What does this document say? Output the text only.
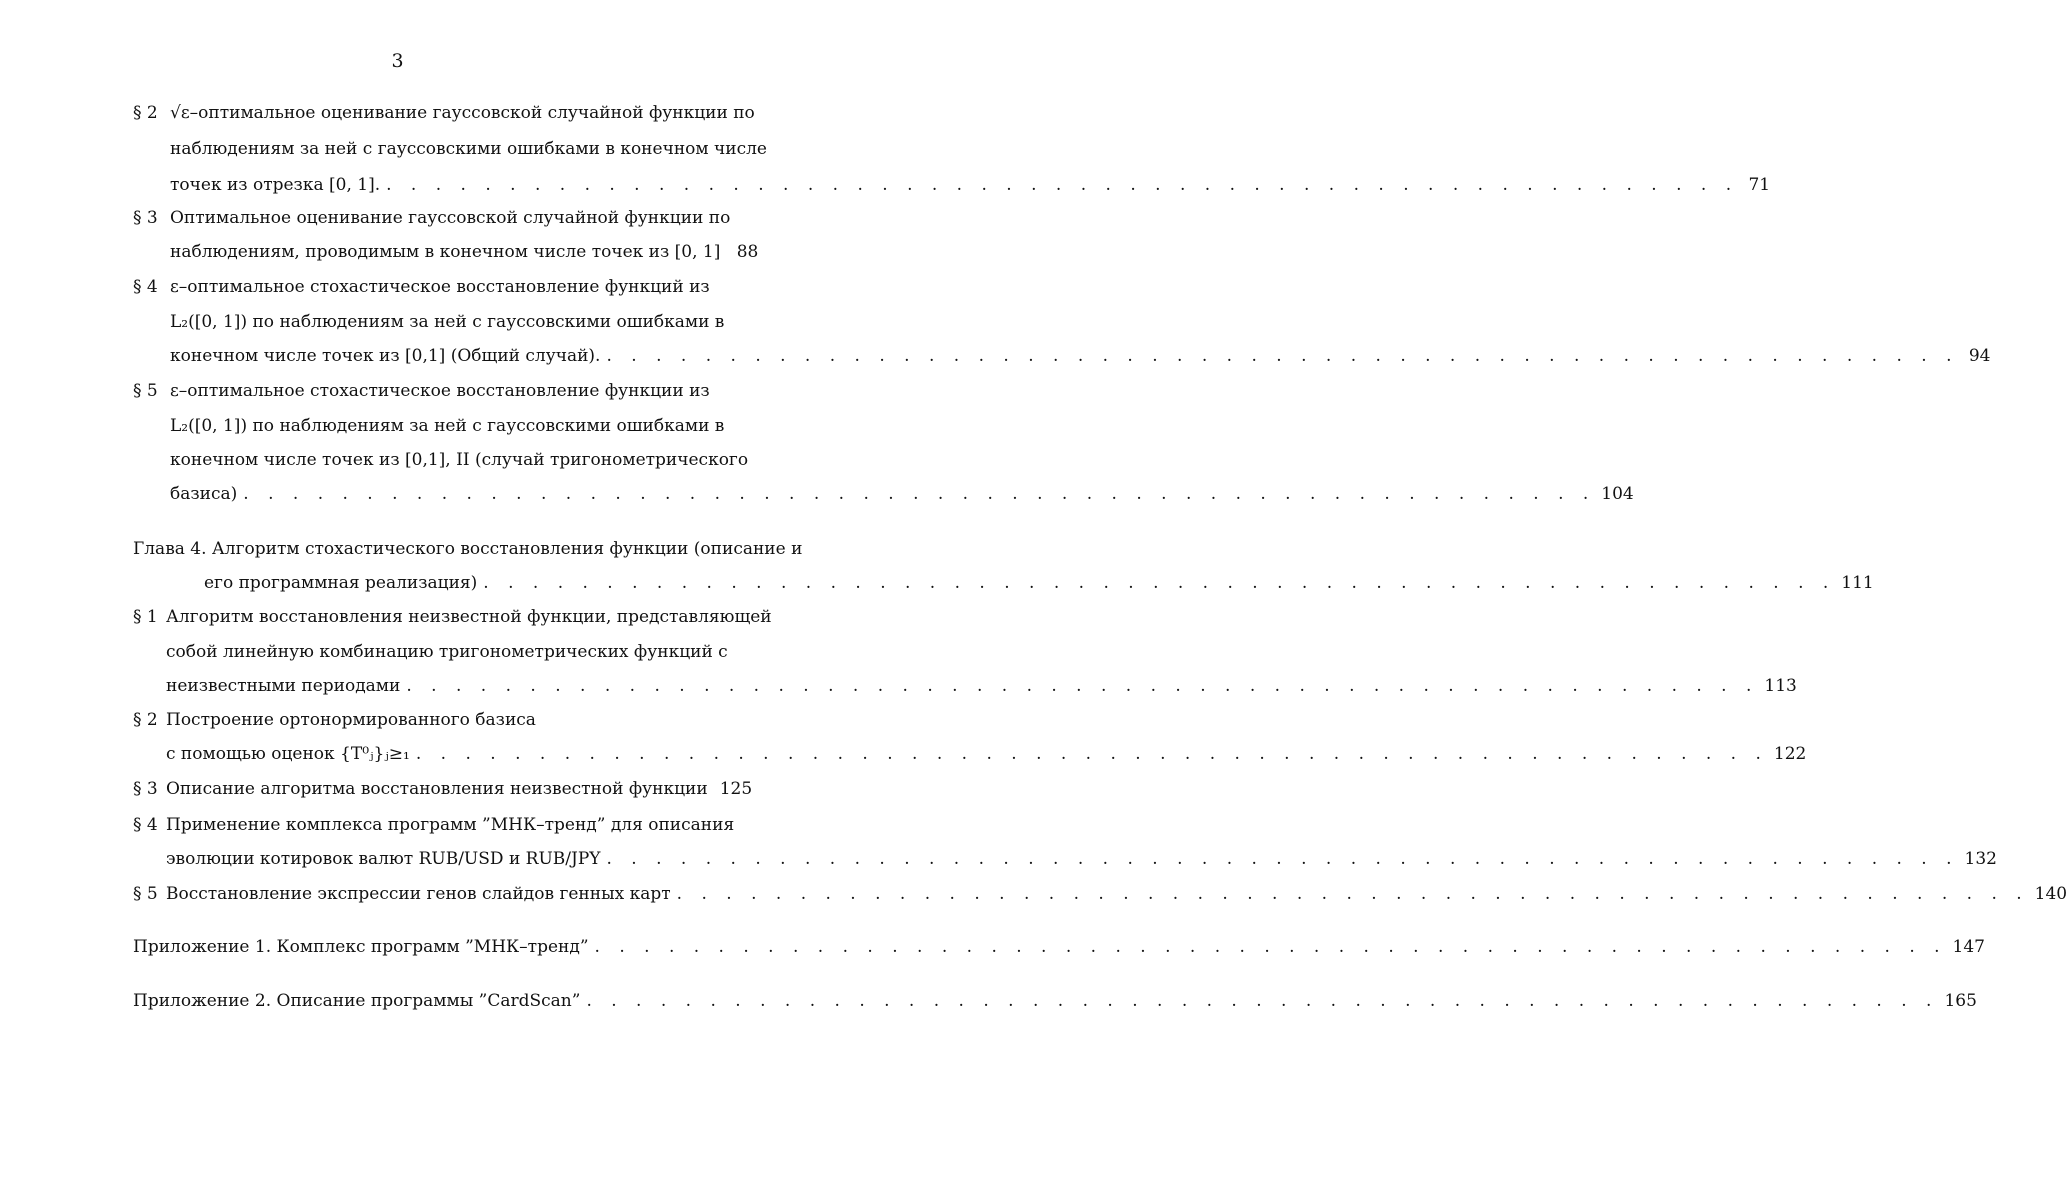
3
§ 2 √ε–оптимальное оценивание гауссовской случайной функции по
наблюдениям за ней с гауссовскими ошибками в конечном числе
точек из отрезка [0, 1]. . . . . . . . . . . . . . . . . . . . . . . . . . . . . . . . . . . . . . . . . . . . . . . . . . . . . . . . 71
§ 3 Оптимальное оценивание гауссовской случайной функции по
наблюдениям, проводимым в конечном числе точек из [0, 1] 88
§ 4 ε–оптимальное стохастическое восстановление функций из
L₂([0, 1]) по наблюдениям за ней с гауссовскими ошибками в
конечном числе точек из [0,1] (Общий случай). . . . . . . . . . . . . . . . . . . . . . . . . . . . . . . . . . . . . . . . . . . . . . . . . . . . . . . . 94
§ 5 ε–оптимальное стохастическое восстановление функции из
L₂([0, 1]) по наблюдениям за ней с гауссовскими ошибками в
конечном числе точек из [0,1], II (случай тригонометрического
базиса) . . . . . . . . . . . . . . . . . . . . . . . . . . . . . . . . . . . . . . . . . . . . . . . . . . . . . . . 104
Глава 4. Алгоритм стохастического восстановления функции (описание и
его программная реализация) . . . . . . . . . . . . . . . . . . . . . . . . . . . . . . . . . . . . . . . . . . . . . . . . . . . . . . . 111
§ 1 Алгоритм восстановления неизвестной функции, представляющей
собой линейную комбинацию тригонометрических функций с
неизвестными периодами . . . . . . . . . . . . . . . . . . . . . . . . . . . . . . . . . . . . . . . . . . . . . . . . . . . . . . . 113
§ 2 Построение ортонормированного базиса
с помощью оценок {T⁰ⱼ}ⱼ≥₁ . . . . . . . . . . . . . . . . . . . . . . . . . . . . . . . . . . . . . . . . . . . . . . . . . . . . . . . 122
§ 3 Описание алгоритма восстановления неизвестной функции 125
§ 4 Применение комплекса программ ”МНК–тренд” для описания
эволюции котировок валют RUB/USD и RUB/JPY . . . . . . . . . . . . . . . . . . . . . . . . . . . . . . . . . . . . . . . . . . . . . . . . . . . . . . . 132
§ 5 Восстановление экспрессии генов слайдов генных карт . . . . . . . . . . . . . . . . . . . . . . . . . . . . . . . . . . . . . . . . . . . . . . . . . . . . . . . 140
Приложение 1. Комплекс программ ”МНК–тренд” . . . . . . . . . . . . . . . . . . . . . . . . . . . . . . . . . . . . . . . . . . . . . . . . . . . . . . . 147
Приложение 2. Описание программы ”CardScan” . . . . . . . . . . . . . . . . . . . . . . . . . . . . . . . . . . . . . . . . . . . . . . . . . . . . . . . 165
